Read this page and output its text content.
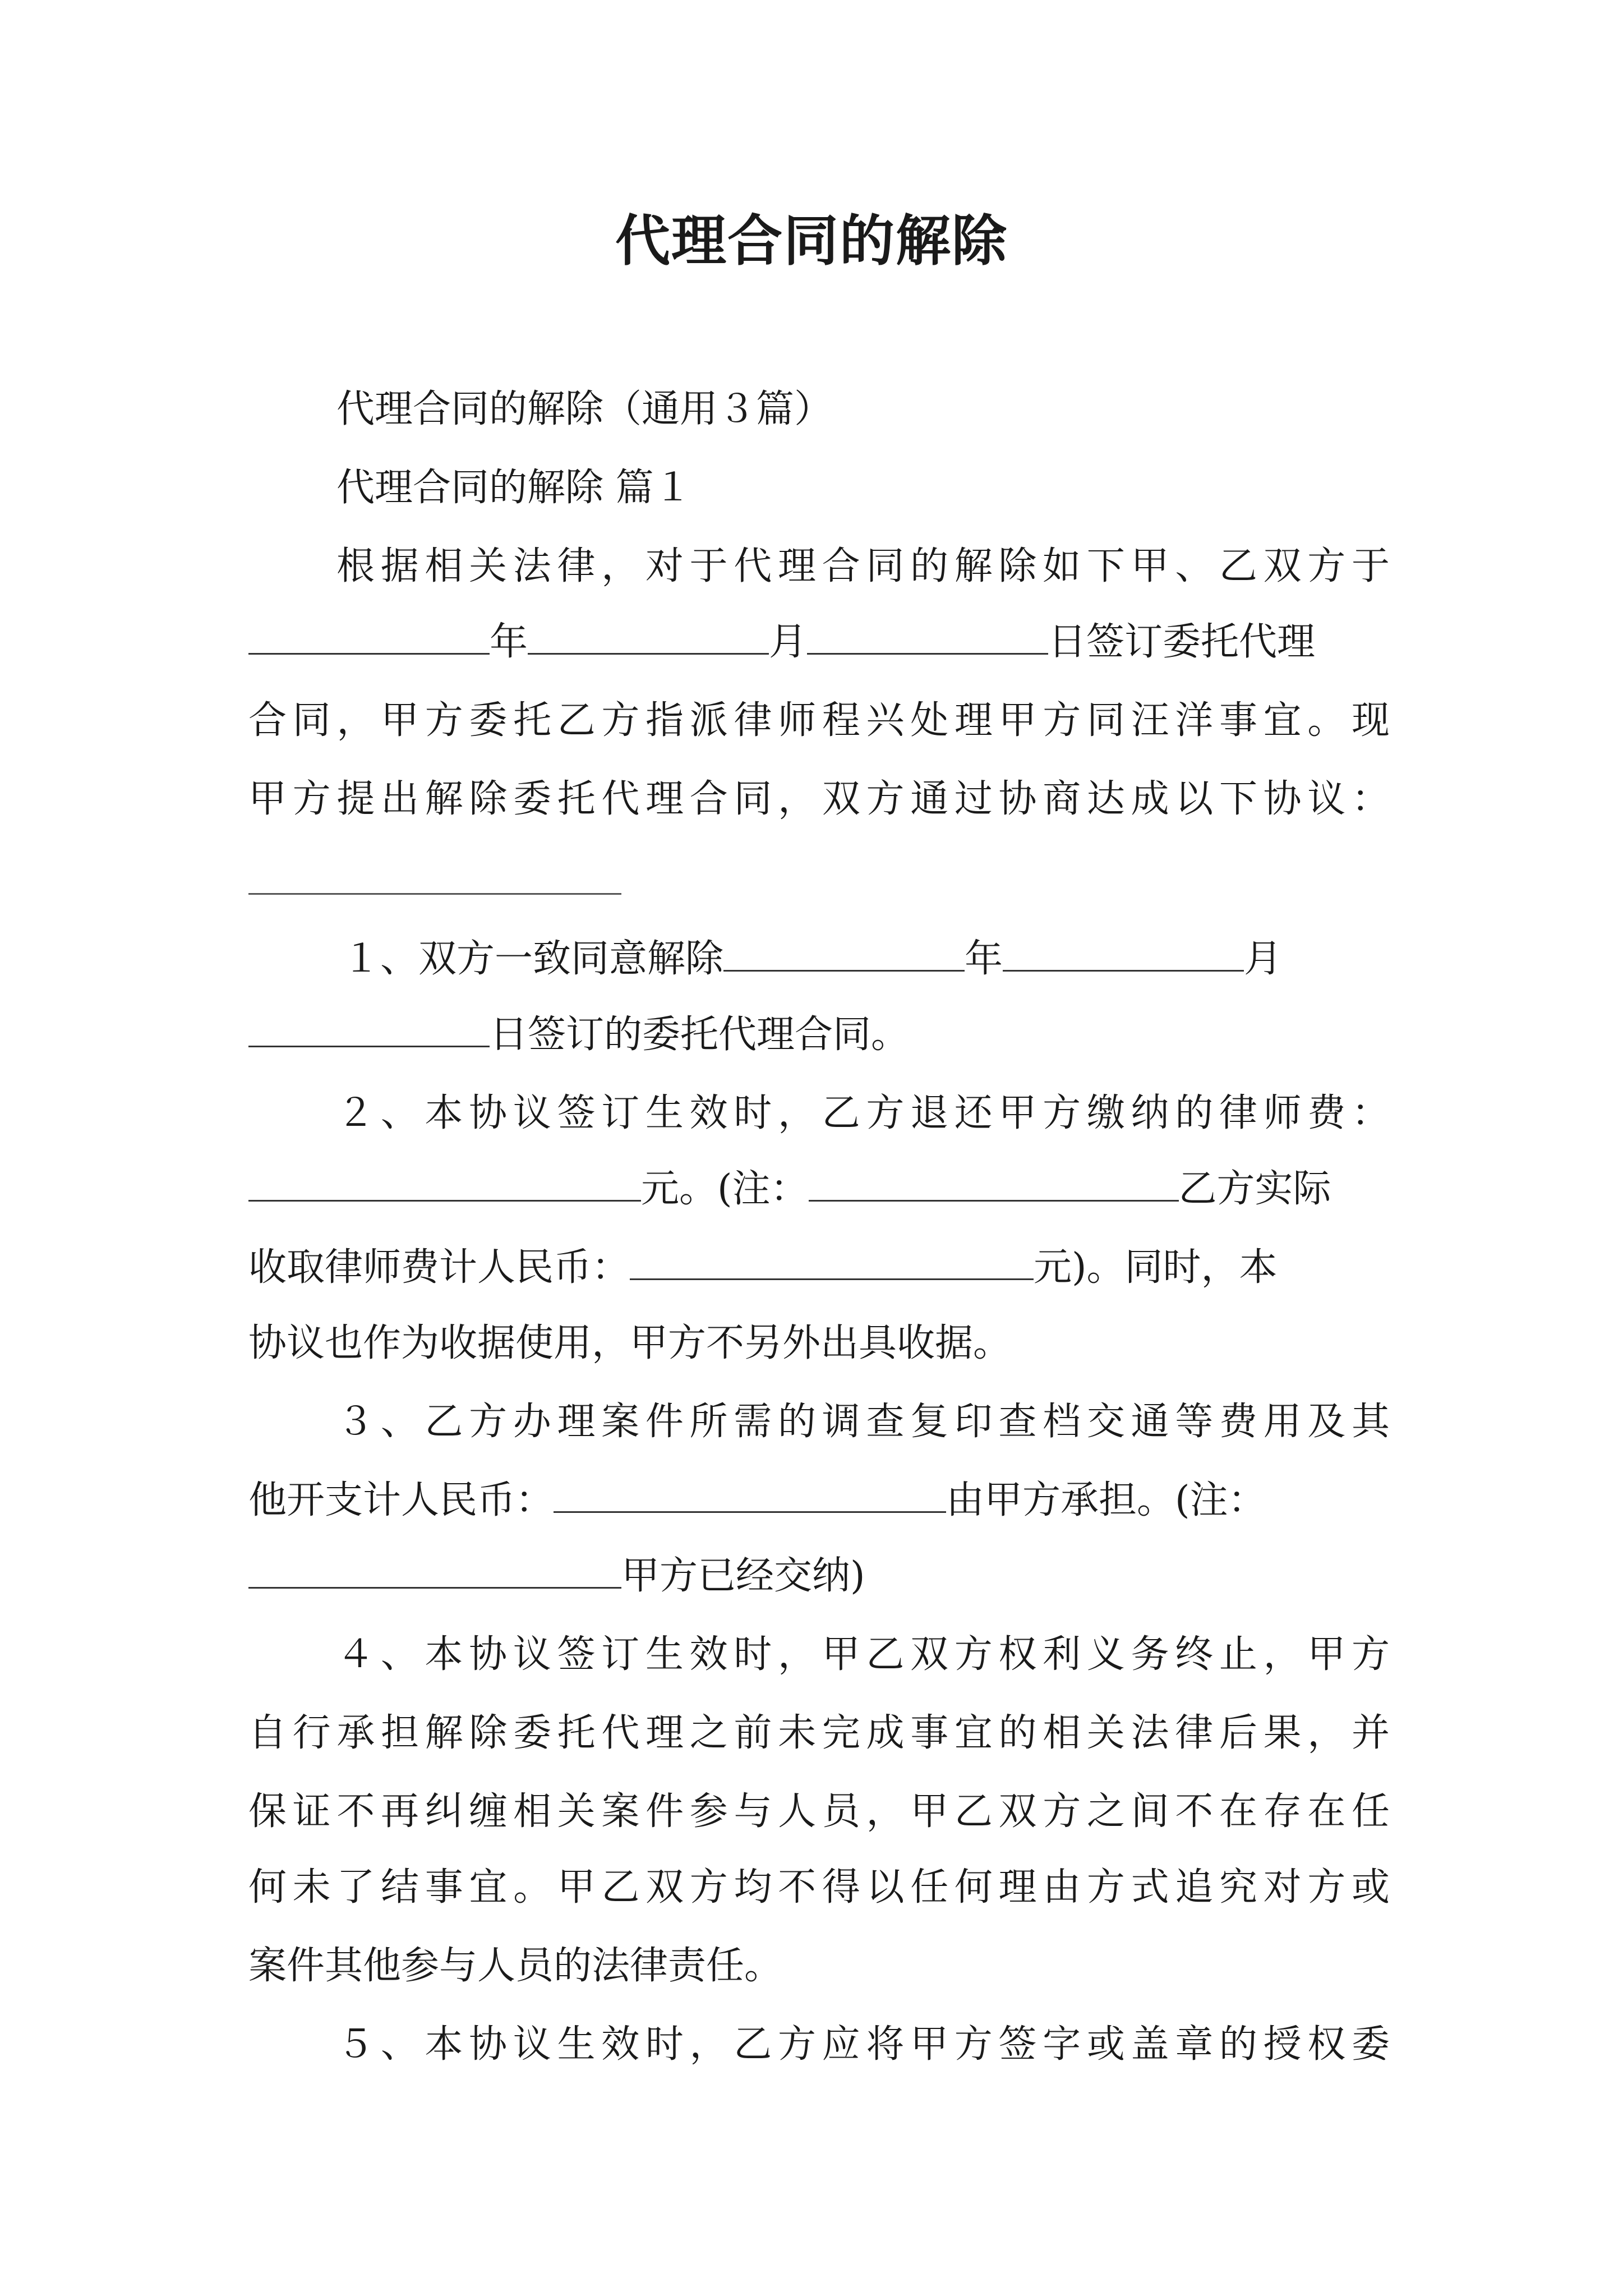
代理合同的解除
代理合同的解除（通用３篇）
代理合同的解除 篇１
根据相关法律，对于代理合同的解除如下甲、乙双方于
年	月	日签订委托代理
合同，甲方委托乙方指派律师程兴处理甲方同汪洋事宜。现
甲方提出解除委托代理合同，双方通过协商达成以下协议：
１、双方一致同意解除	年	月
日签订的委托代理合同。
２、本协议签订生效时，乙方退还甲方缴纳的律师费：
元。(注：	乙方实际
收取律师费计人民币：	元)。同时，本
协议也作为收据使用，甲方不另外出具收据。
３、乙方办理案件所需的调查复印查档交通等费用及其
他开支计人民币：	由甲方承担。(注：
甲方已经交纳)
４、本协议签订生效时，甲乙双方权利义务终止，甲方
自行承担解除委托代理之前未完成事宜的相关法律后果，并
保证不再纠缠相关案件参与人员，甲乙双方之间不在存在任
何未了结事宜。甲乙双方均不得以任何理由方式追究对方或
案件其他参与人员的法律责任。
５、本协议生效时，乙方应将甲方签字或盖章的授权委
